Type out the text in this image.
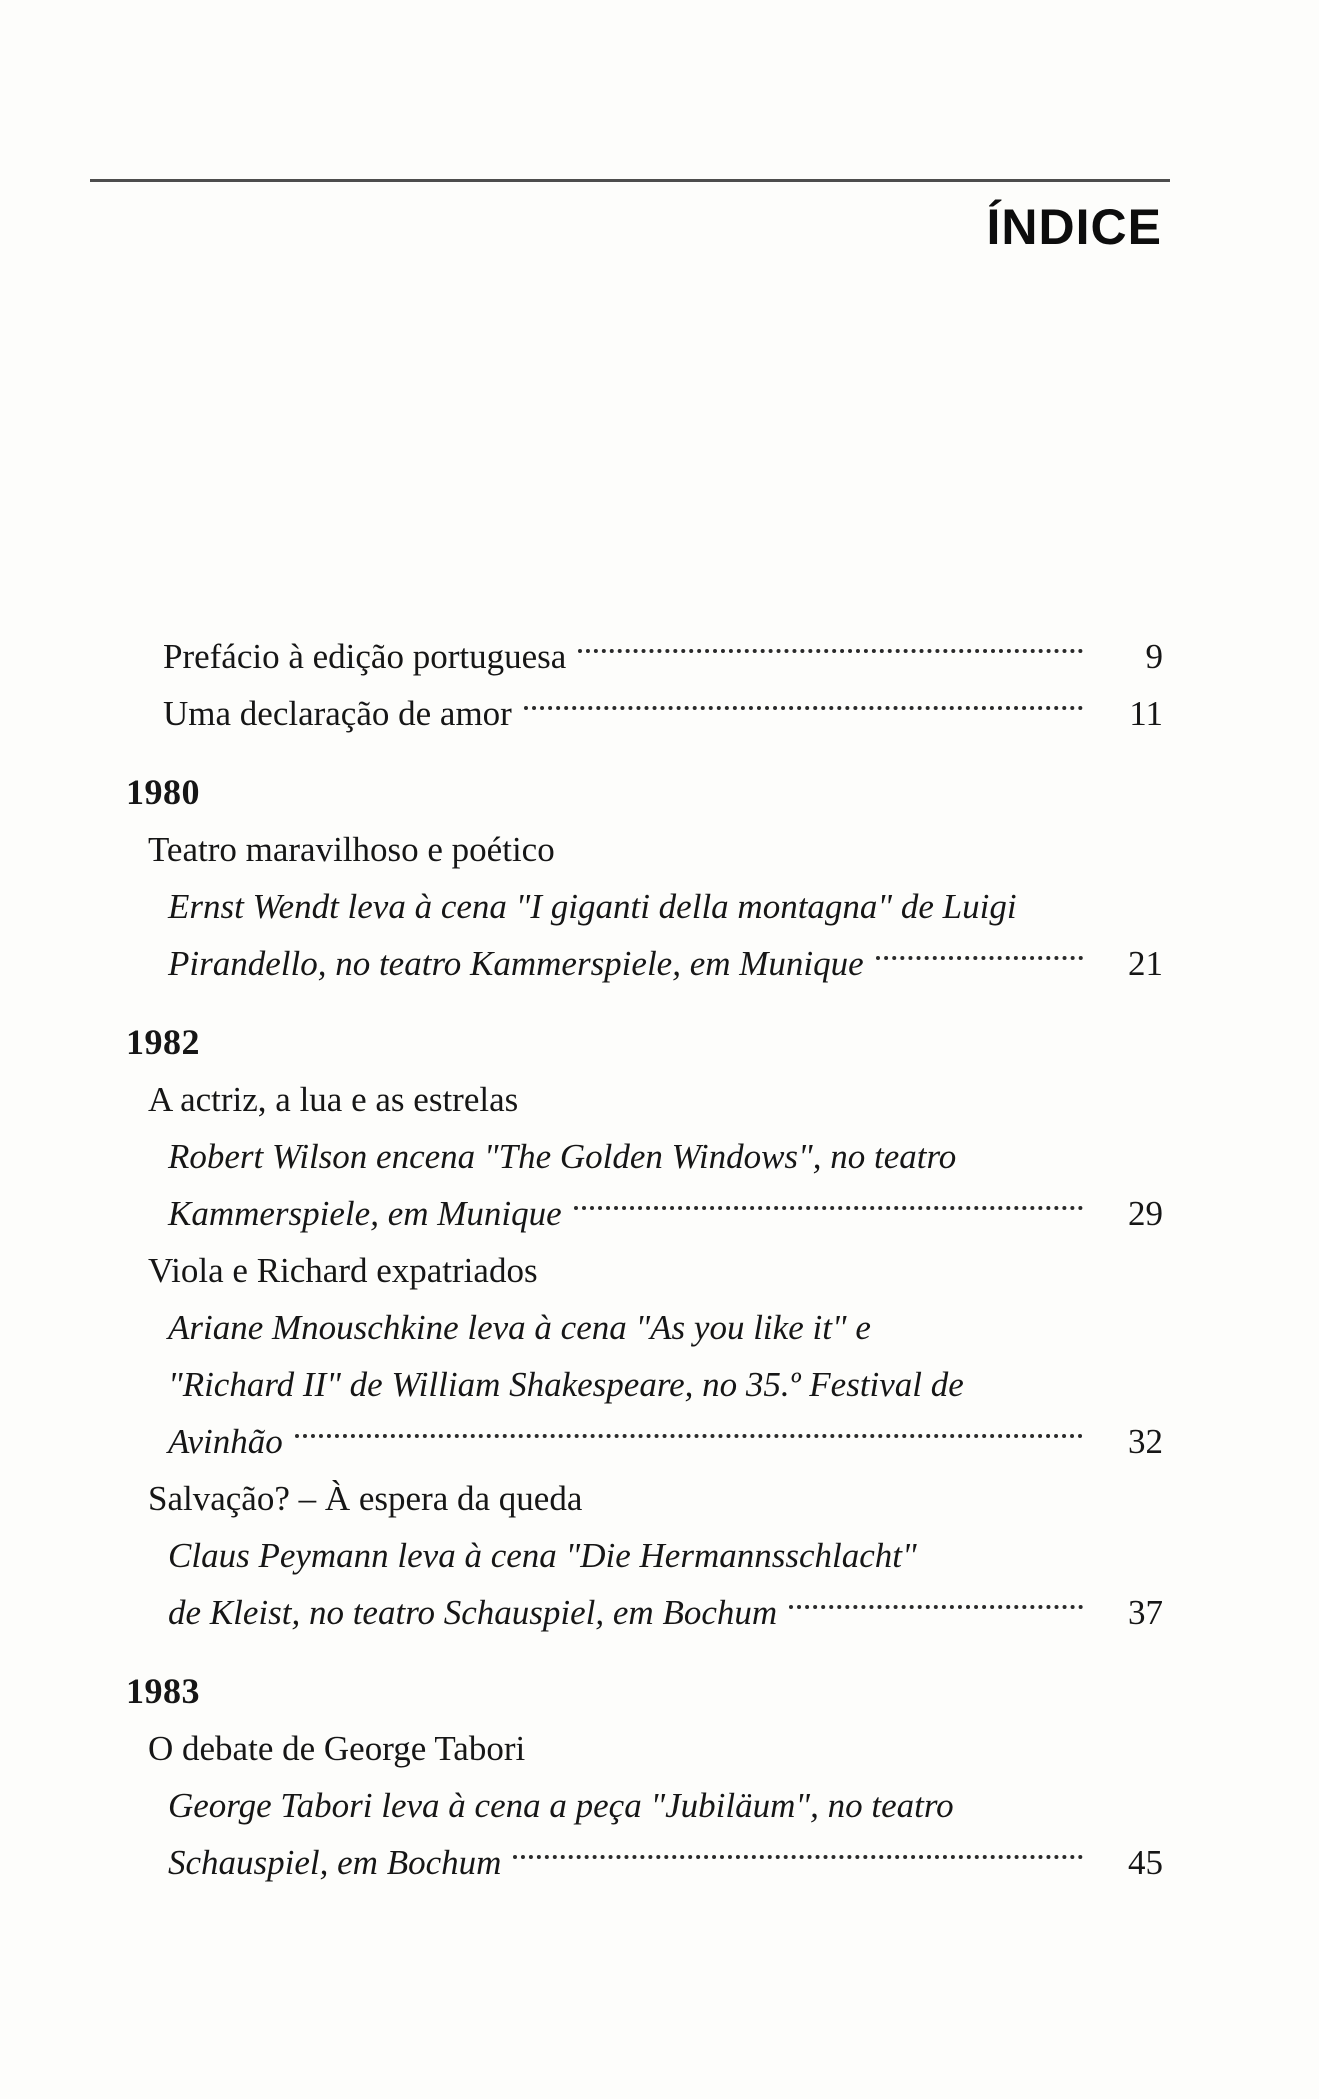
ÍNDICE
Prefácio à edição portuguesa	9
Uma declaração de amor	11
1980
Teatro maravilhoso e poético
Ernst Wendt leva à cena "I giganti della montagna" de Luigi
Pirandello, no teatro Kammerspiele, em Munique	21
1982
A actriz, a lua e as estrelas
Robert Wilson encena "The Golden Windows", no teatro
Kammerspiele, em Munique	29
Viola e Richard expatriados
Ariane Mnouschkine leva à cena "As you like it" e
"Richard II" de William Shakespeare, no 35.º Festival de
Avinhão	32
Salvação? – À espera da queda
Claus Peymann leva à cena "Die Hermannsschlacht"
de Kleist, no teatro Schauspiel, em Bochum	37
1983
O debate de George Tabori
George Tabori leva à cena a peça "Jubiläum", no teatro
Schauspiel, em Bochum	45
